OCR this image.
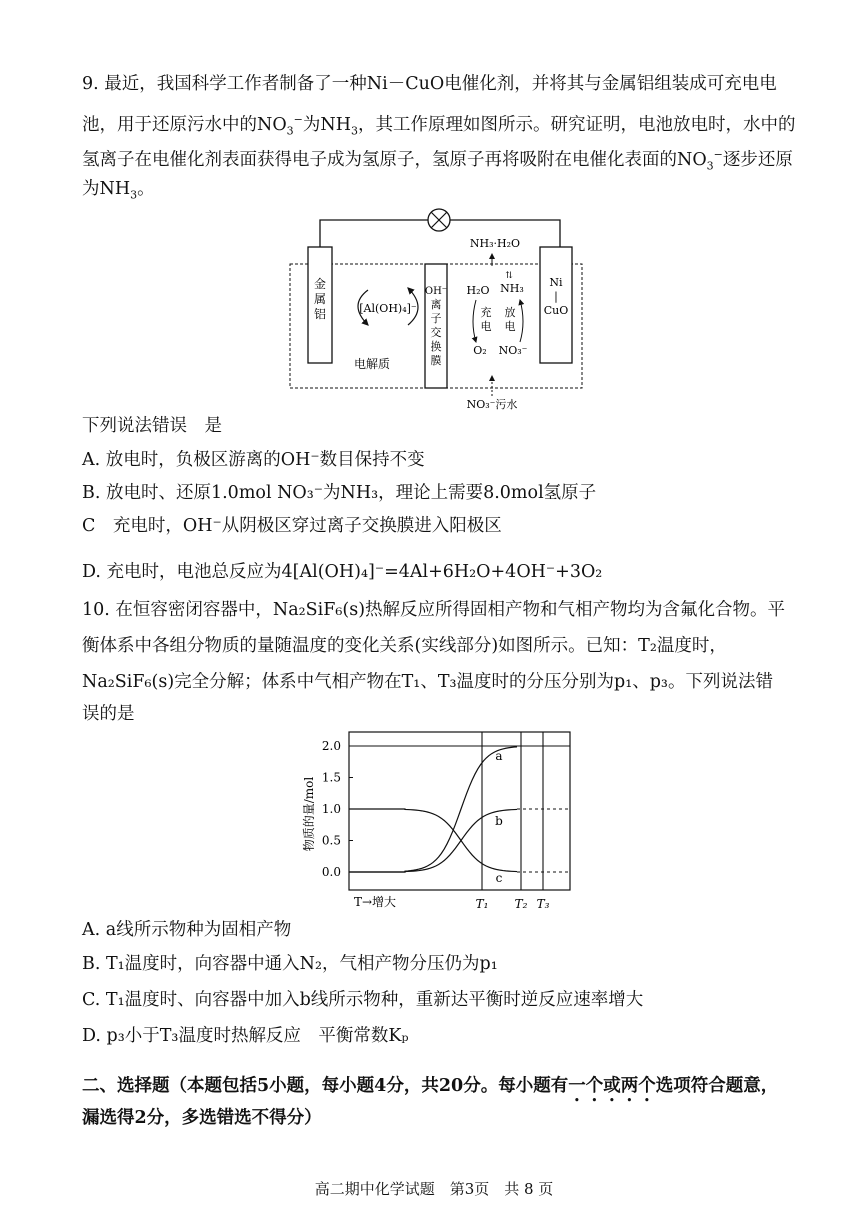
9. 最近，我国科学工作者制备了一种Ni－CuO电催化剂，并将其与金属铝组装成可充电电
池，用于还原污水中的$NO_3^-$为$NH_3$，其工作原理如图所示。研究证明，电池放电时，水中的
氢离子在电催化剂表面获得电子成为氢原子，氢原子再将吸附在电催化表面的$NO_3^-$逐步还原
为$NH_3$。
金
属
铝	[Al(OH)₄]⁻
电解质
OH⁻
离
子
交
换
膜
NH₃·H₂O
H₂O
充
电
O₂
NH₃
⇅
放
电
NO₃⁻
Ni
|
CuO
NO₃⁻污水
下列说法错误　是
A. 放电时，负极区游离的OH⁻数目保持不变
B. 放电时、还原1.0mol NO₃⁻为NH₃，理论上需要8.0mol氢原子
C　充电时，OH⁻从阴极区穿过离子交换膜进入阳极区
D. 充电时，电池总反应为4[Al(OH)₄]⁻=4Al+6H₂O+4OH⁻+3O₂
10. 在恒容密闭容器中，Na₂SiF₆(s)热解反应所得固相产物和气相产物均为含氟化合物。平
衡体系中各组分物质的量随温度的变化关系(实线部分)如图所示。已知：T₂温度时，
Na₂SiF₆(s)完全分解；体系中气相产物在T₁、T₃温度时的分压分别为p₁、p₃。下列说法错
误的是
物质的量/mol
2.0
1.5
1.0
0.5
0.0
T₁ T₂ T₃
a
b
c
T→增大
A. a线所示物种为固相产物
B. T₁温度时，向容器中通入N₂，气相产物分压仍为p₁
C. T₁温度时、向容器中加入b线所示物种，重新达平衡时逆反应速率增大
D. p₃小于T₃温度时热解反应　平衡常数Kₚ
二、选择题（本题包括5小题，每小题4分，共20分。每小题有一个或两个选项符合题意，
漏选得2分，多选错选不得分）
高二期中化学试题　第3页　共 8 页
